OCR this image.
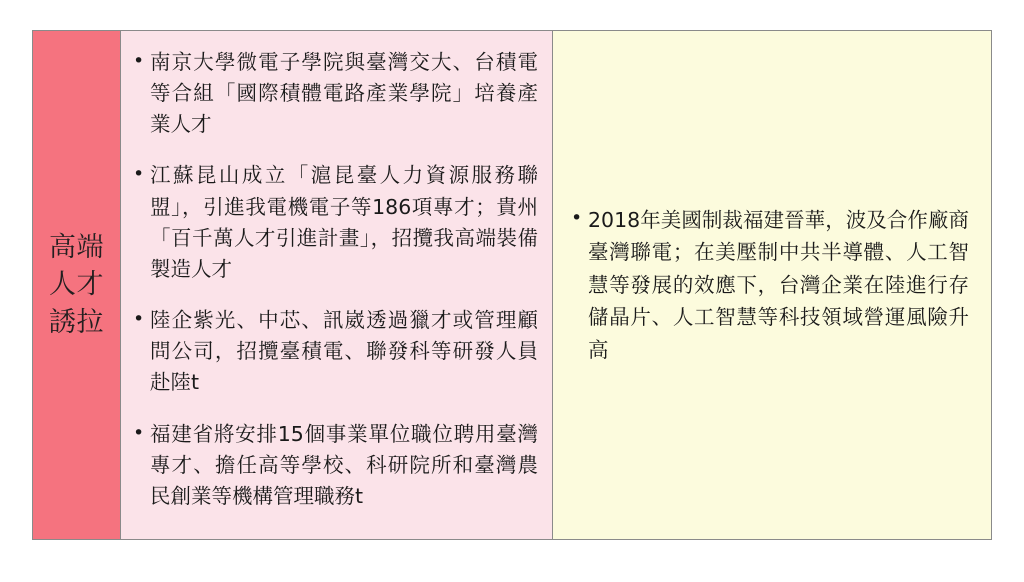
高端人才誘拉
• 南京大學微電子學院與臺灣交大、台積電等合組「國際積體電路產業學院」培養產業人才
• 江蘇昆山成立「滬昆臺人力資源服務聯盟」，引進我電機電子等186項專才；貴州「百千萬人才引進計畫」，招攬我高端裝備製造人才
• 陸企紫光、中芯、訊崴透過獵才或管理顧問公司，招攬臺積電、聯發科等研發人員赴陸t
• 福建省將安排15個事業單位職位聘用臺灣專才、擔任高等學校、科研院所和臺灣農民創業等機構管理職務t
• 2018年美國制裁福建晉華，波及合作廠商臺灣聯電；在美壓制中共半導體、人工智慧等發展的效應下，台灣企業在陸進行存儲晶片、人工智慧等科技領域營運風險升高
